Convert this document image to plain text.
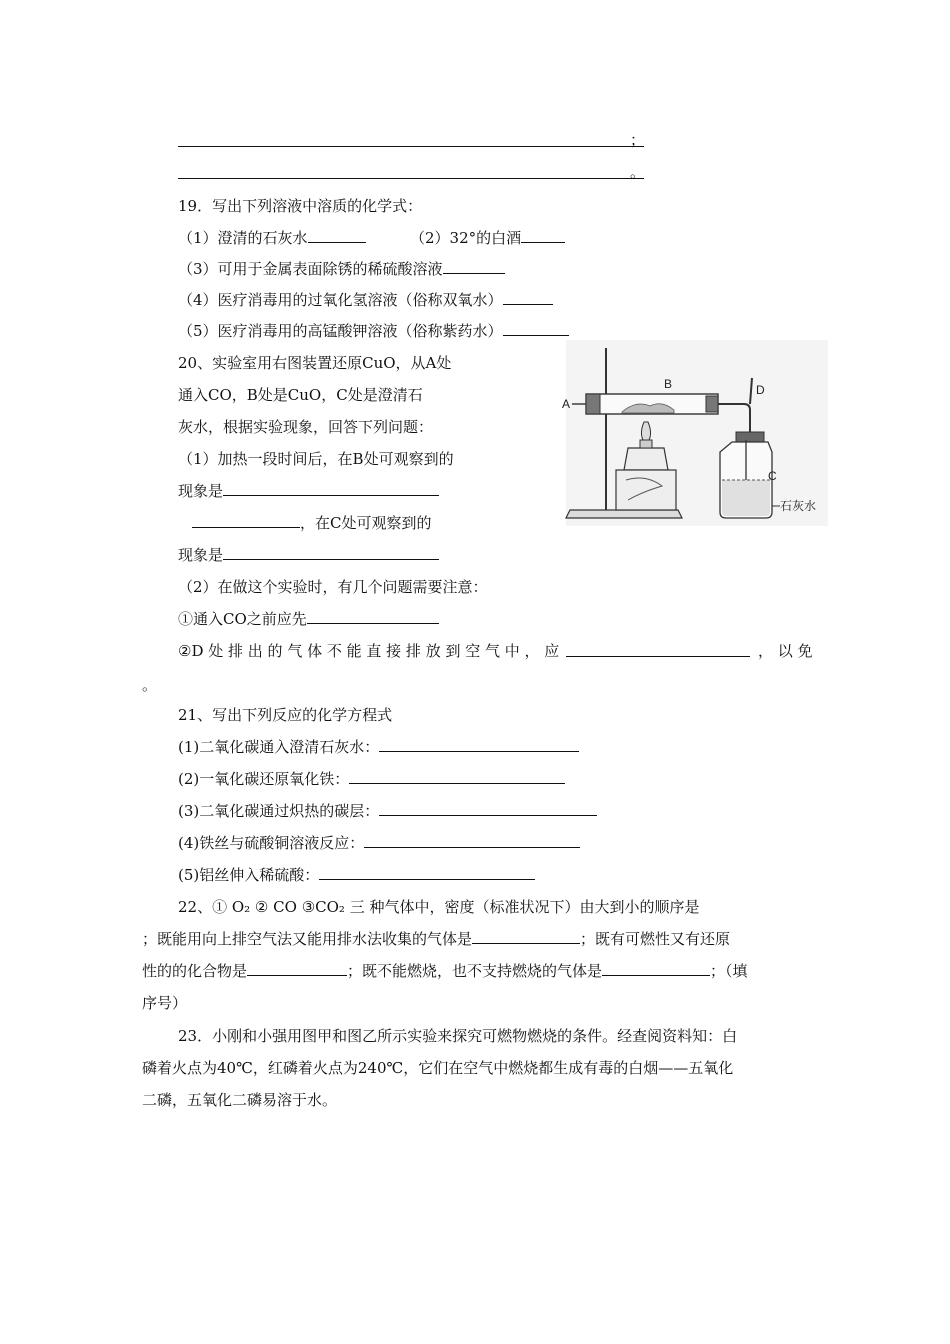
；
。
19．写出下列溶液中溶质的化学式：
（1）澄清的石灰水	（2）32°的白酒
（3）可用于金属表面除锈的稀硫酸溶液
（4）医疗消毒用的过氧化氢溶液（俗称双氧水）
（5）医疗消毒用的高锰酸钾溶液（俗称紫药水）
20、实验室用右图装置还原CuO，从A处
通入CO，B处是CuO，C处是澄清石
灰水，根据实验现象，回答下列问题：
（1）加热一段时间后，在B处可观察到的
现象是
，在C处可观察到的
现象是
（2）在做这个实验时，有几个问题需要注意：
①通入CO之前应先
②D 处 排 出 的 气 体 不 能 直 接 排 放 到 空 气 中 ， 应	， 以 免
。
A
B
C
D
石灰水
21、写出下列反应的化学方程式
(1)二氧化碳通入澄清石灰水：
(2)一氧化碳还原氧化铁：
(3)二氧化碳通过炽热的碳层：
(4)铁丝与硫酸铜溶液反应：
(5)铝丝伸入稀硫酸：
22、① O₂ ② CO ③CO₂ 三 种气体中，密度（标准状况下）由大到小的顺序是
；既能用向上排空气法又能用排水法收集的气体是	；既有可燃性又有还原
性的的化合物是	；既不能燃烧，也不支持燃烧的气体是	；（填
序号）
23．小刚和小强用图甲和图乙所示实验来探究可燃物燃烧的条件。经查阅资料知：白
磷着火点为40℃，红磷着火点为240℃，它们在空气中燃烧都生成有毒的白烟——五氧化
二磷，五氧化二磷易溶于水。
